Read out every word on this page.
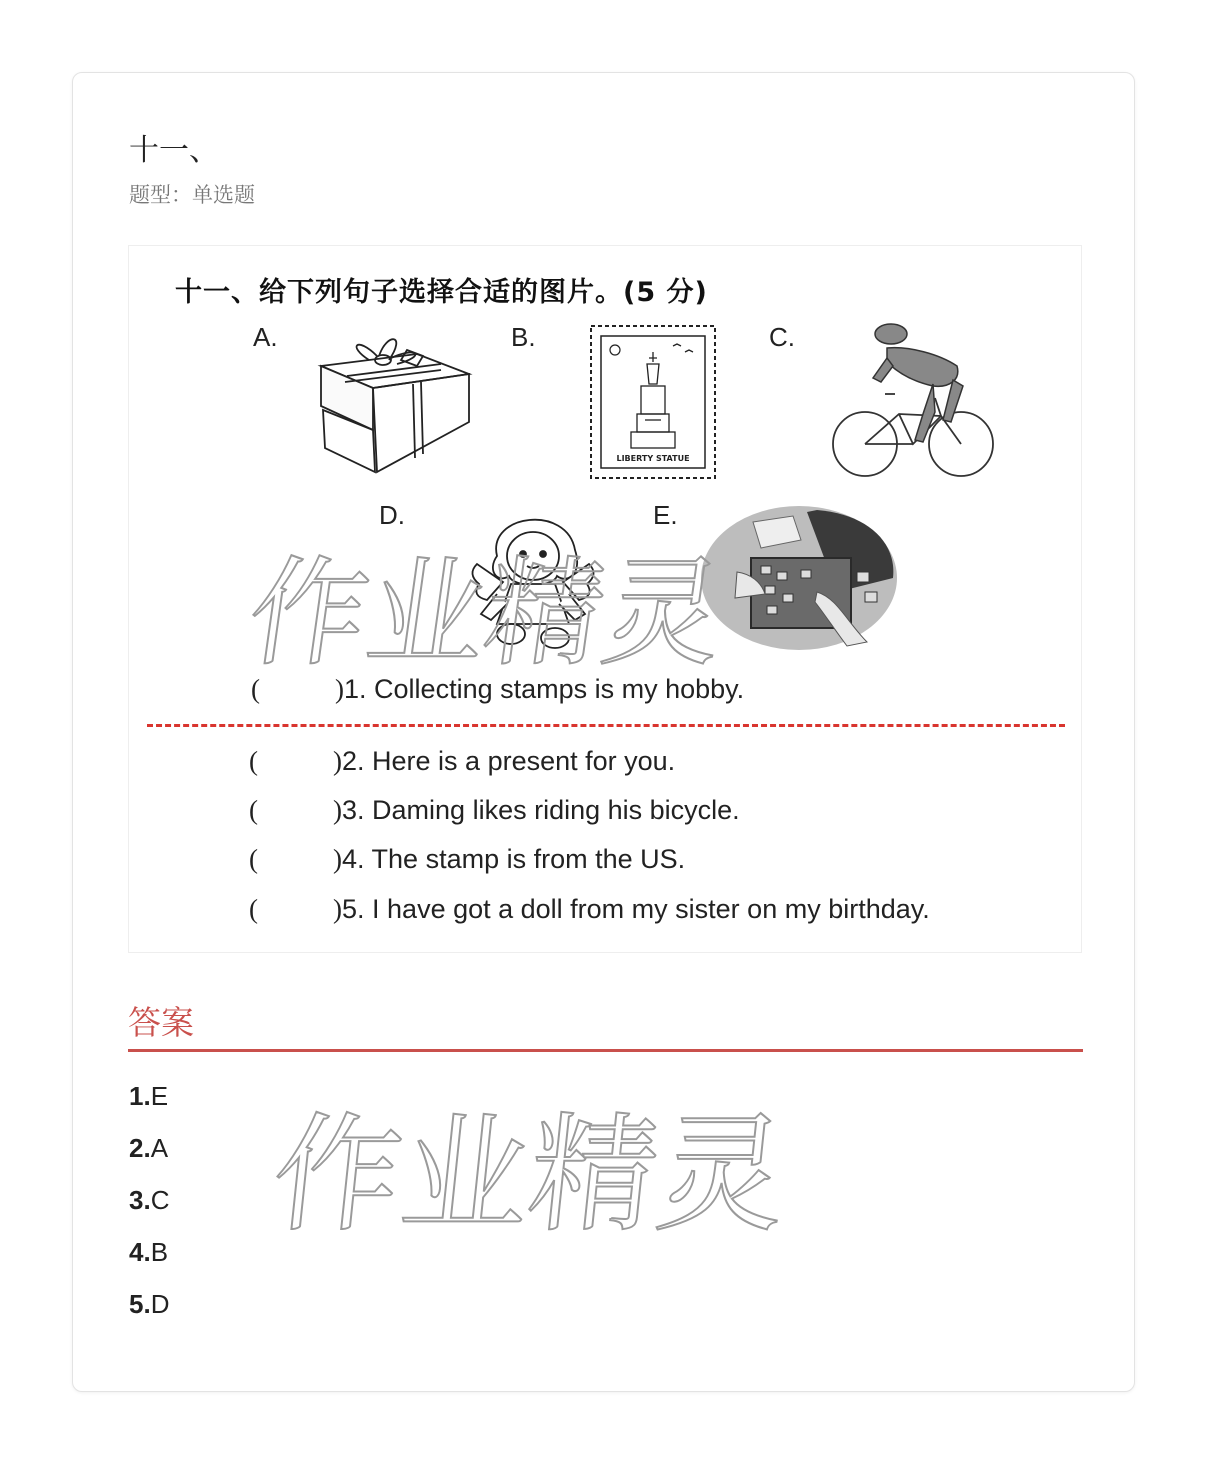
十一、
题型：单选题
十一、给下列句子选择合适的图片。(5 分)
A.	B.
LIBERTY STATUE
C.
D.	E.
作业精灵
(	)1. Collecting stamps is my hobby.
(	)2. Here is a present for you.
(	)3. Daming likes riding his bicycle.
(	)4. The stamp is from the US.
(	)5. I have got a doll from my sister on my birthday.
答案
1.E
2.A
3.C
4.B
5.D
作业精灵
